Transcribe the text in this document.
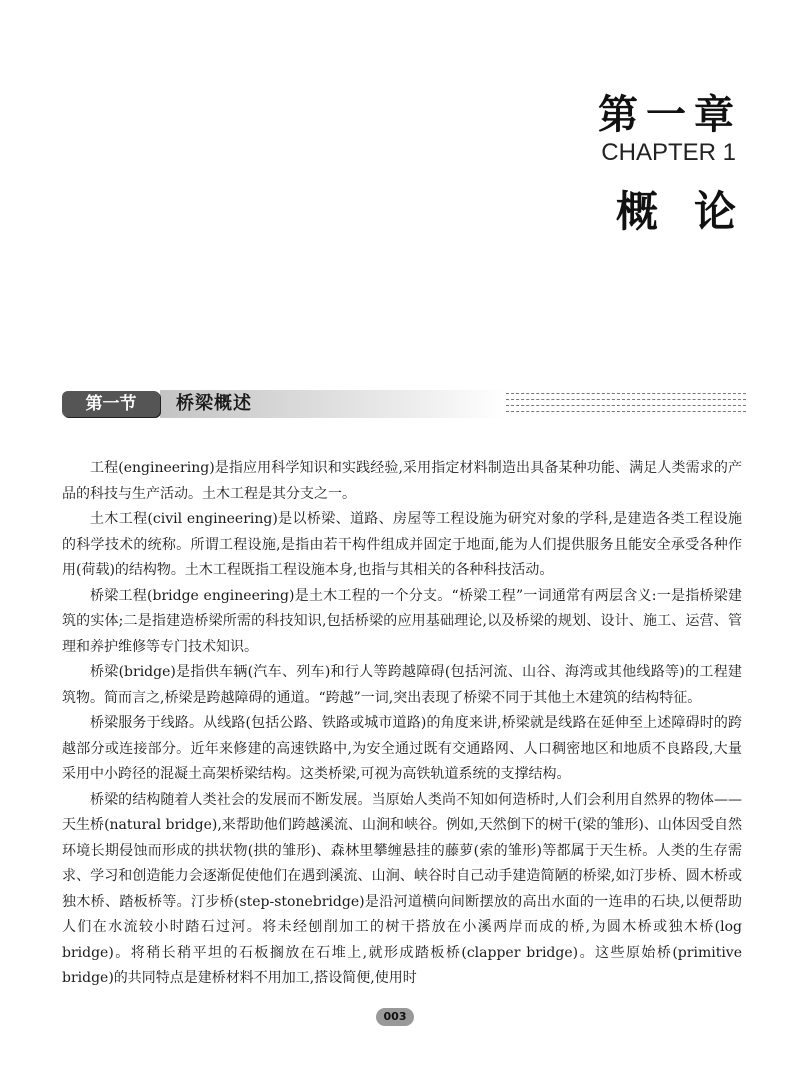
第一章
CHAPTER 1
概论
第一节	桥梁概述

工程(engineering)是指应用科学知识和实践经验,采用指定材料制造出具备某种功能、满足人类需求的产品的科技与生产活动。土木工程是其分支之一。

土木工程(civil engineering)是以桥梁、道路、房屋等工程设施为研究对象的学科,是建造各类工程设施的科学技术的统称。所谓工程设施,是指由若干构件组成并固定于地面,能为人们提供服务且能安全承受各种作用(荷载)的结构物。土木工程既指工程设施本身,也指与其相关的各种科技活动。

桥梁工程(bridge engineering)是土木工程的一个分支。“桥梁工程”一词通常有两层含义:一是指桥梁建筑的实体;二是指建造桥梁所需的科技知识,包括桥梁的应用基础理论,以及桥梁的规划、设计、施工、运营、管理和养护维修等专门技术知识。

桥梁(bridge)是指供车辆(汽车、列车)和行人等跨越障碍(包括河流、山谷、海湾或其他线路等)的工程建筑物。简而言之,桥梁是跨越障碍的通道。“跨越”一词,突出表现了桥梁不同于其他土木建筑的结构特征。

桥梁服务于线路。从线路(包括公路、铁路或城市道路)的角度来讲,桥梁就是线路在延伸至上述障碍时的跨越部分或连接部分。近年来修建的高速铁路中,为安全通过既有交通路网、人口稠密地区和地质不良路段,大量采用中小跨径的混凝土高架桥梁结构。这类桥梁,可视为高铁轨道系统的支撑结构。

桥梁的结构随着人类社会的发展而不断发展。当原始人类尚不知如何造桥时,人们会利用自然界的物体——天生桥(natural bridge),来帮助他们跨越溪流、山涧和峡谷。例如,天然倒下的树干(梁的雏形)、山体因受自然环境长期侵蚀而形成的拱状物(拱的雏形)、森林里攀缠悬挂的藤萝(索的雏形)等都属于天生桥。人类的生存需求、学习和创造能力会逐渐促使他们在遇到溪流、山涧、峡谷时自己动手建造简陋的桥梁,如汀步桥、圆木桥或独木桥、踏板桥等。汀步桥(step-stonebridge)是沿河道横向间断摆放的高出水面的一连串的石块,以便帮助人们在水流较小时踏石过河。将未经刨削加工的树干搭放在小溪两岸而成的桥,为圆木桥或独木桥(log bridge)。将稍长稍平坦的石板搁放在石堆上,就形成踏板桥(clapper bridge)。这些原始桥(primitive bridge)的共同特点是建桥材料不用加工,搭设简便,使用时

003
